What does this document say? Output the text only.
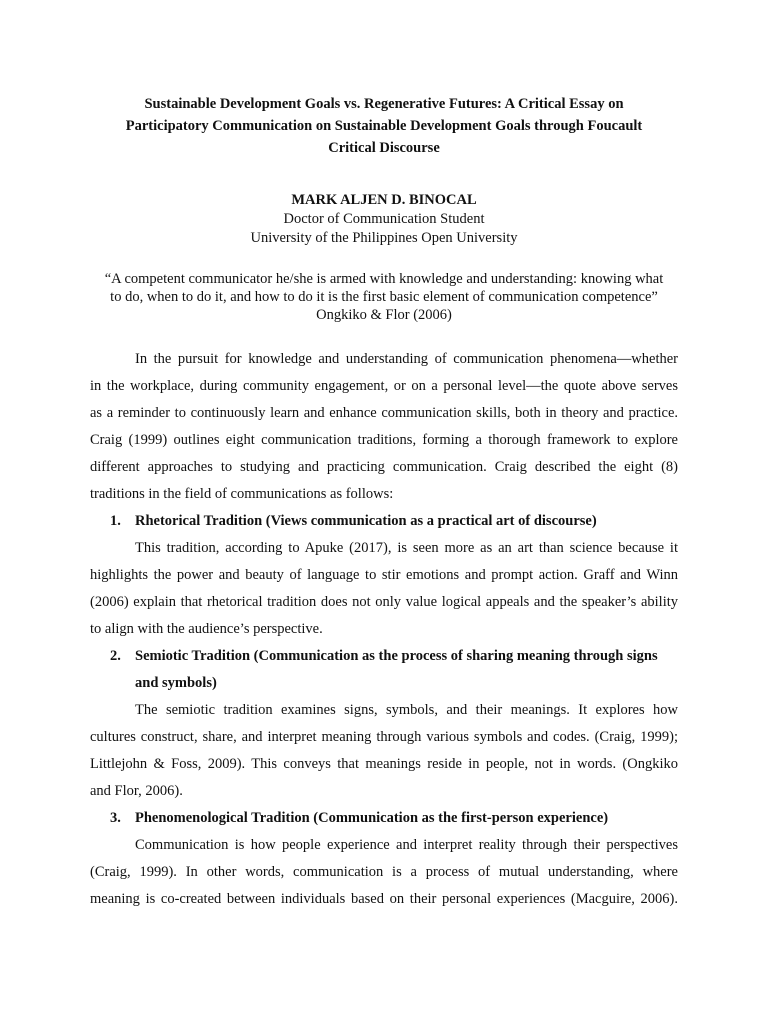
Sustainable Development Goals vs. Regenerative Futures: A Critical Essay on
Participatory Communication on Sustainable Development Goals through Foucault
Critical Discourse
MARK ALJEN D. BINOCAL
Doctor of Communication Student
University of the Philippines Open University
“A competent communicator he/she is armed with knowledge and understanding: knowing what
to do, when to do it, and how to do it is the first basic element of communication competence”
Ongkiko & Flor (2006)
In the pursuit for knowledge and understanding of communication phenomena—whether
in the workplace, during community engagement, or on a personal level—the quote above serves
as a reminder to continuously learn and enhance communication skills, both in theory and practice.
Craig (1999) outlines eight communication traditions, forming a thorough framework to explore
different approaches to studying and practicing communication. Craig described the eight (8)
traditions in the field of communications as follows:
1. Rhetorical Tradition (Views communication as a practical art of discourse)
This tradition, according to Apuke (2017), is seen more as an art than science because it
highlights the power and beauty of language to stir emotions and prompt action. Graff and Winn
(2006) explain that rhetorical tradition does not only value logical appeals and the speaker’s ability
to align with the audience’s perspective.
2. Semiotic Tradition (Communication as the process of sharing meaning through signs
and symbols)
The semiotic tradition examines signs, symbols, and their meanings. It explores how
cultures construct, share, and interpret meaning through various symbols and codes. (Craig, 1999);
Littlejohn & Foss, 2009). This conveys that meanings reside in people, not in words. (Ongkiko
and Flor, 2006).
3. Phenomenological Tradition (Communication as the first-person experience)
Communication is how people experience and interpret reality through their perspectives
(Craig, 1999). In other words, communication is a process of mutual understanding, where
meaning is co-created between individuals based on their personal experiences (Macguire, 2006).
